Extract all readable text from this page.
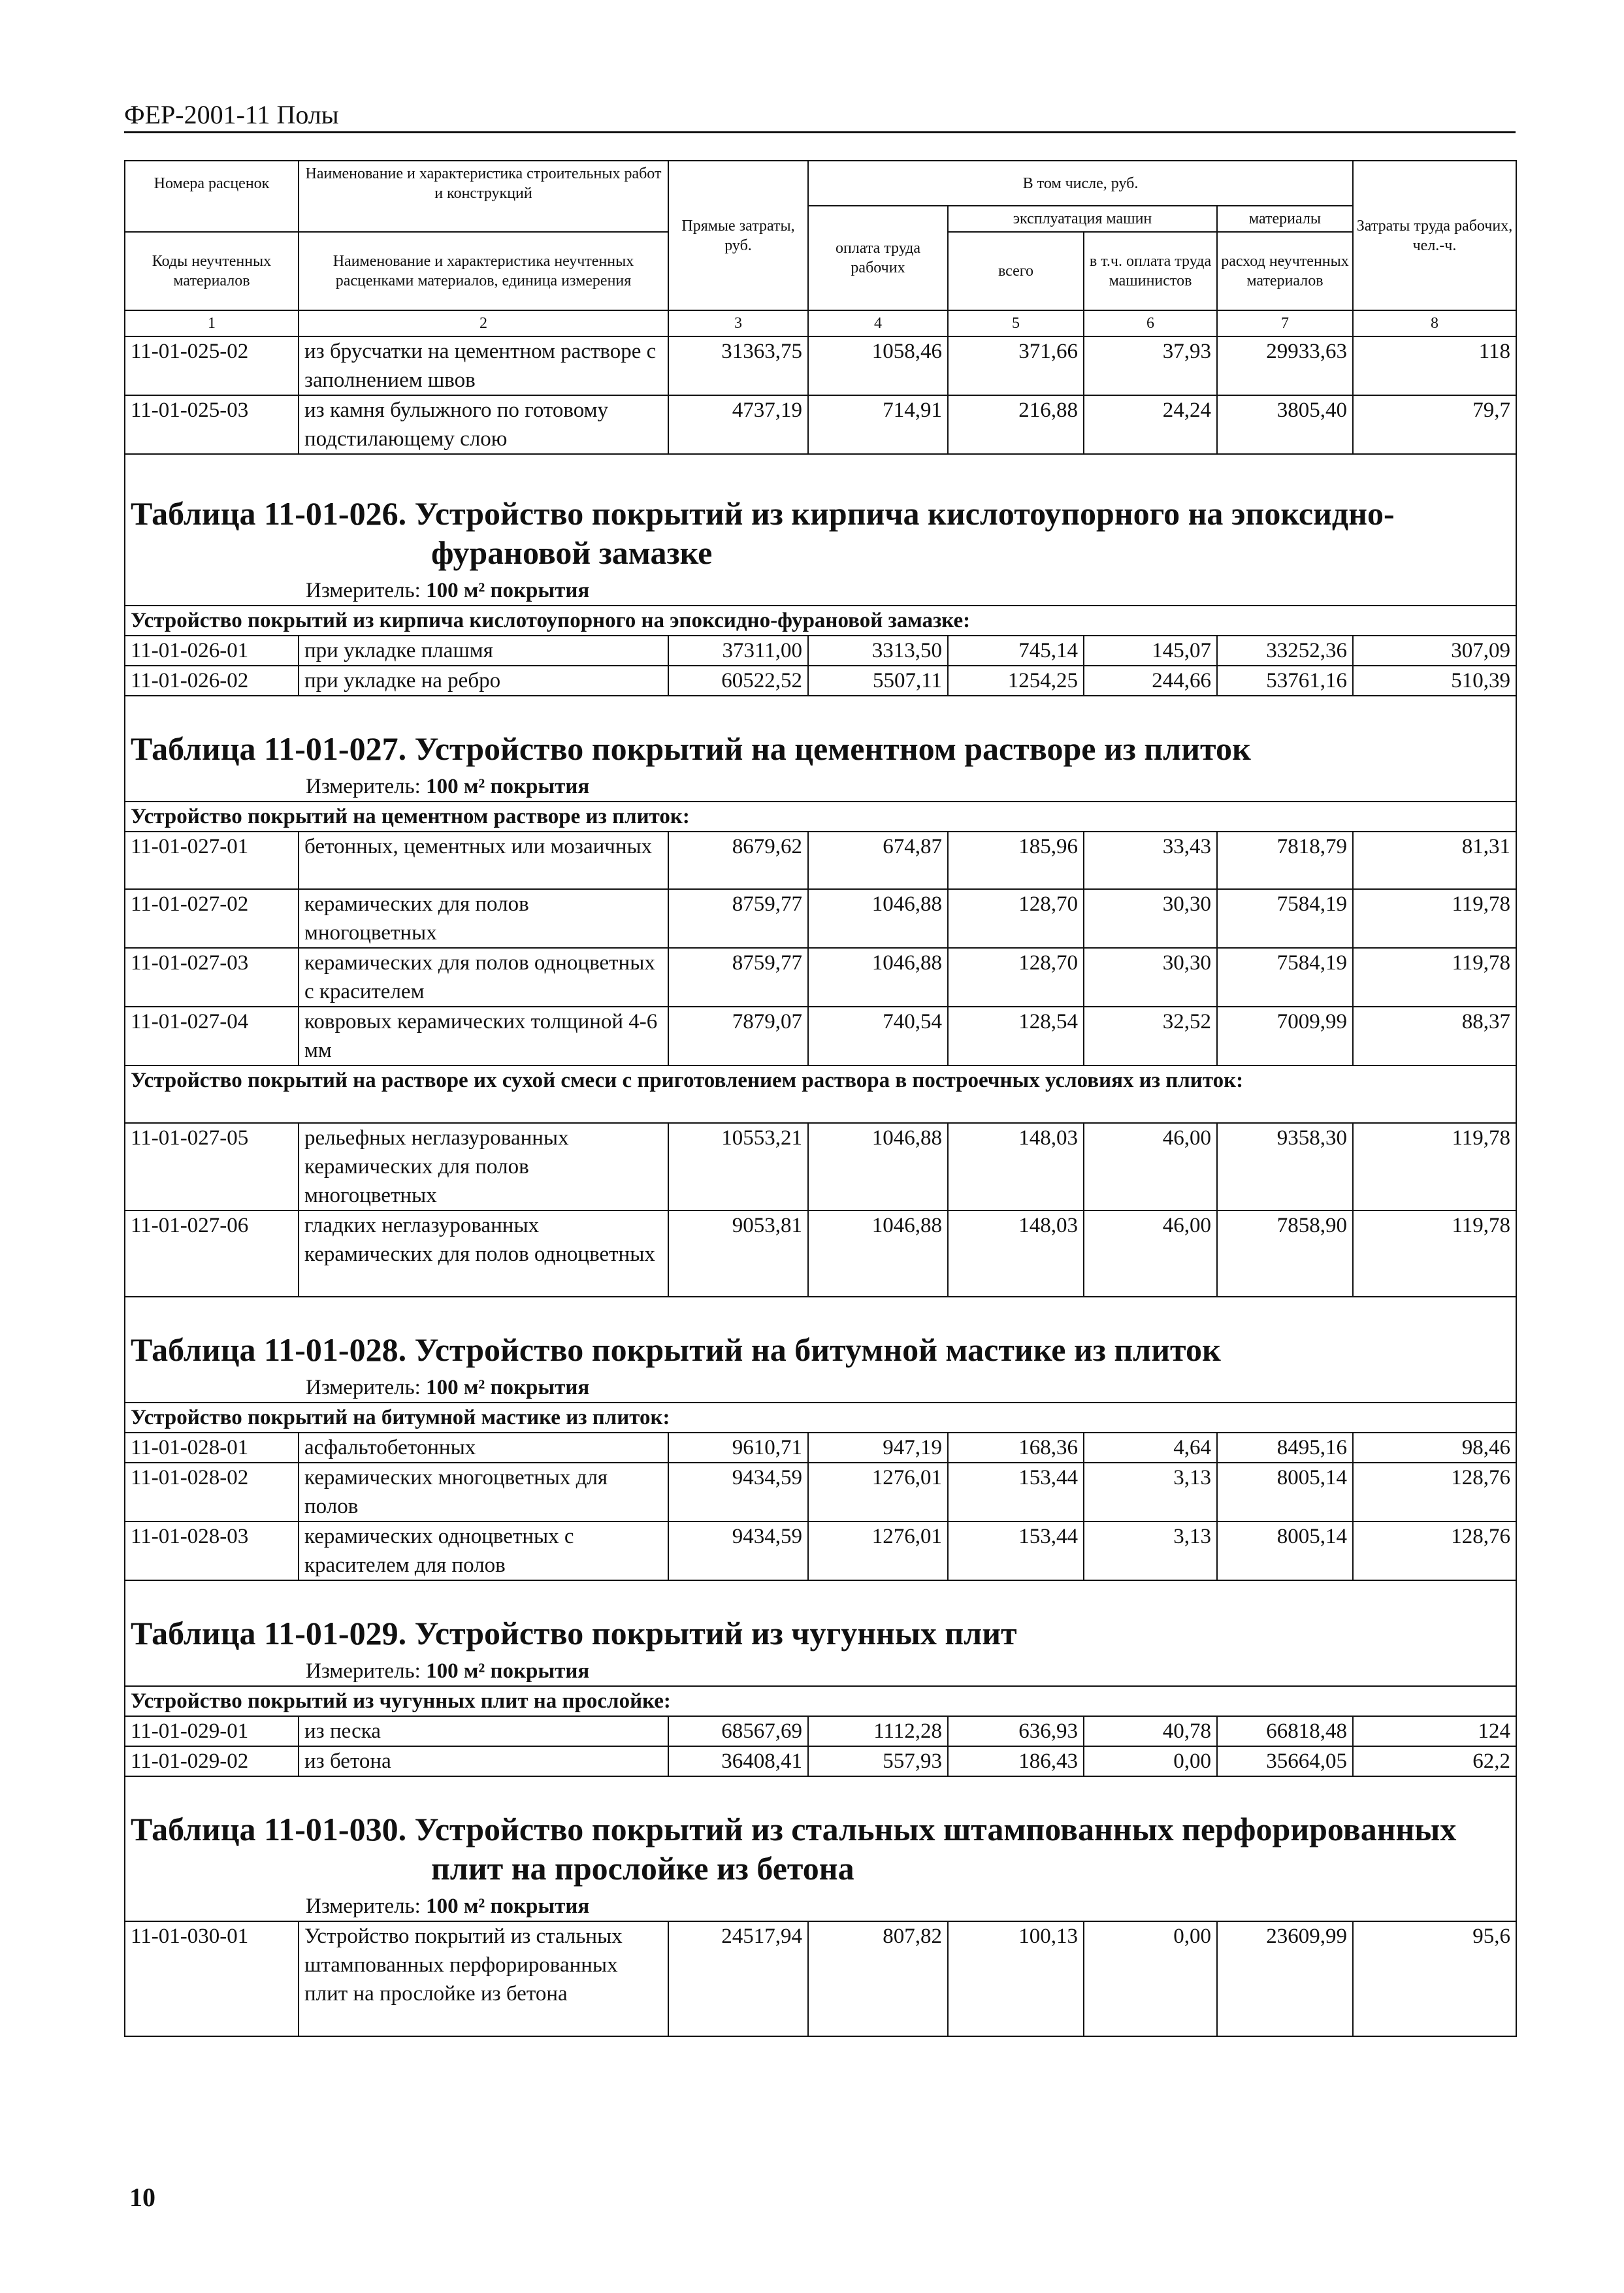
ФЕР-2001-11 Полы
Номера расценок	Наименование и характеристика строительных работ и конструкций	Прямые затраты, руб.	В том числе, руб.				Затраты труда рабочих, чел.-ч.
			оплата труда рабочих	эксплуатация машин		материалы	
Коды неучтенных материалов	Наименование и характеристика неучтенных расценками материалов, единица измерения			всего	в т.ч. оплата труда машинистов	расход неучтенных материалов	

1	2	3	4	5	6	7	8
11-01-025-02	из брусчатки на цементном растворе с заполнением швов	31363,75	1058,46	371,66	37,93	29933,63	118
11-01-025-03	из камня булыжного по готовому подстилающему слою	4737,19	714,91	216,88	24,24	3805,40	79,7

Таблица 11-01-026. Устройство покрытий из кирпича кислотоупорного на эпоксидно-
фурановой замазке
Измеритель: 100 м² покрытия							

Устройство покрытий из кирпича кислотоупорного на эпоксидно-фурановой замазке:							
11-01-026-01	при укладке плашмя	37311,00	3313,50	745,14	145,07	33252,36	307,09
11-01-026-02	при укладке на ребро	60522,52	5507,11	1254,25	244,66	53761,16	510,39

Таблица 11-01-027. Устройство покрытий на цементном растворе из плиток
Измеритель: 100 м² покрытия							

Устройство покрытий на цементном растворе из плиток:							
11-01-027-01	бетонных, цементных или мозаичных	8679,62	674,87	185,96	33,43	7818,79	81,31
11-01-027-02	керамических для полов многоцветных	8759,77	1046,88	128,70	30,30	7584,19	119,78
11-01-027-03	керамических для полов одноцветных с красителем	8759,77	1046,88	128,70	30,30	7584,19	119,78
11-01-027-04	ковровых керамических толщиной 4-6 мм	7879,07	740,54	128,54	32,52	7009,99	88,37
Устройство покрытий на растворе их сухой смеси с приготовлением раствора в построечных условиях из плиток:							
11-01-027-05	рельефных неглазурованных керамических для полов многоцветных	10553,21	1046,88	148,03	46,00	9358,30	119,78
11-01-027-06	гладких неглазурованных керамических для полов одноцветных	9053,81	1046,88	148,03	46,00	7858,90	119,78

Таблица 11-01-028. Устройство покрытий на битумной мастике из плиток
Измеритель: 100 м² покрытия							

Устройство покрытий на битумной мастике из плиток:							
11-01-028-01	асфальтобетонных	9610,71	947,19	168,36	4,64	8495,16	98,46
11-01-028-02	керамических многоцветных для полов	9434,59	1276,01	153,44	3,13	8005,14	128,76
11-01-028-03	керамических одноцветных с красителем для полов	9434,59	1276,01	153,44	3,13	8005,14	128,76

Таблица 11-01-029. Устройство покрытий из чугунных плит
Измеритель: 100 м² покрытия							

Устройство покрытий из чугунных плит на прослойке:							
11-01-029-01	из песка	68567,69	1112,28	636,93	40,78	66818,48	124
11-01-029-02	из бетона	36408,41	557,93	186,43	0,00	35664,05	62,2

Таблица 11-01-030. Устройство покрытий из стальных штампованных перфорированных
плит на прослойке из бетона
Измеритель: 100 м² покрытия							

11-01-030-01	Устройство покрытий из стальных штампованных перфорированных плит на прослойке из бетона	24517,94	807,82	100,13	0,00	23609,99	95,6
10
